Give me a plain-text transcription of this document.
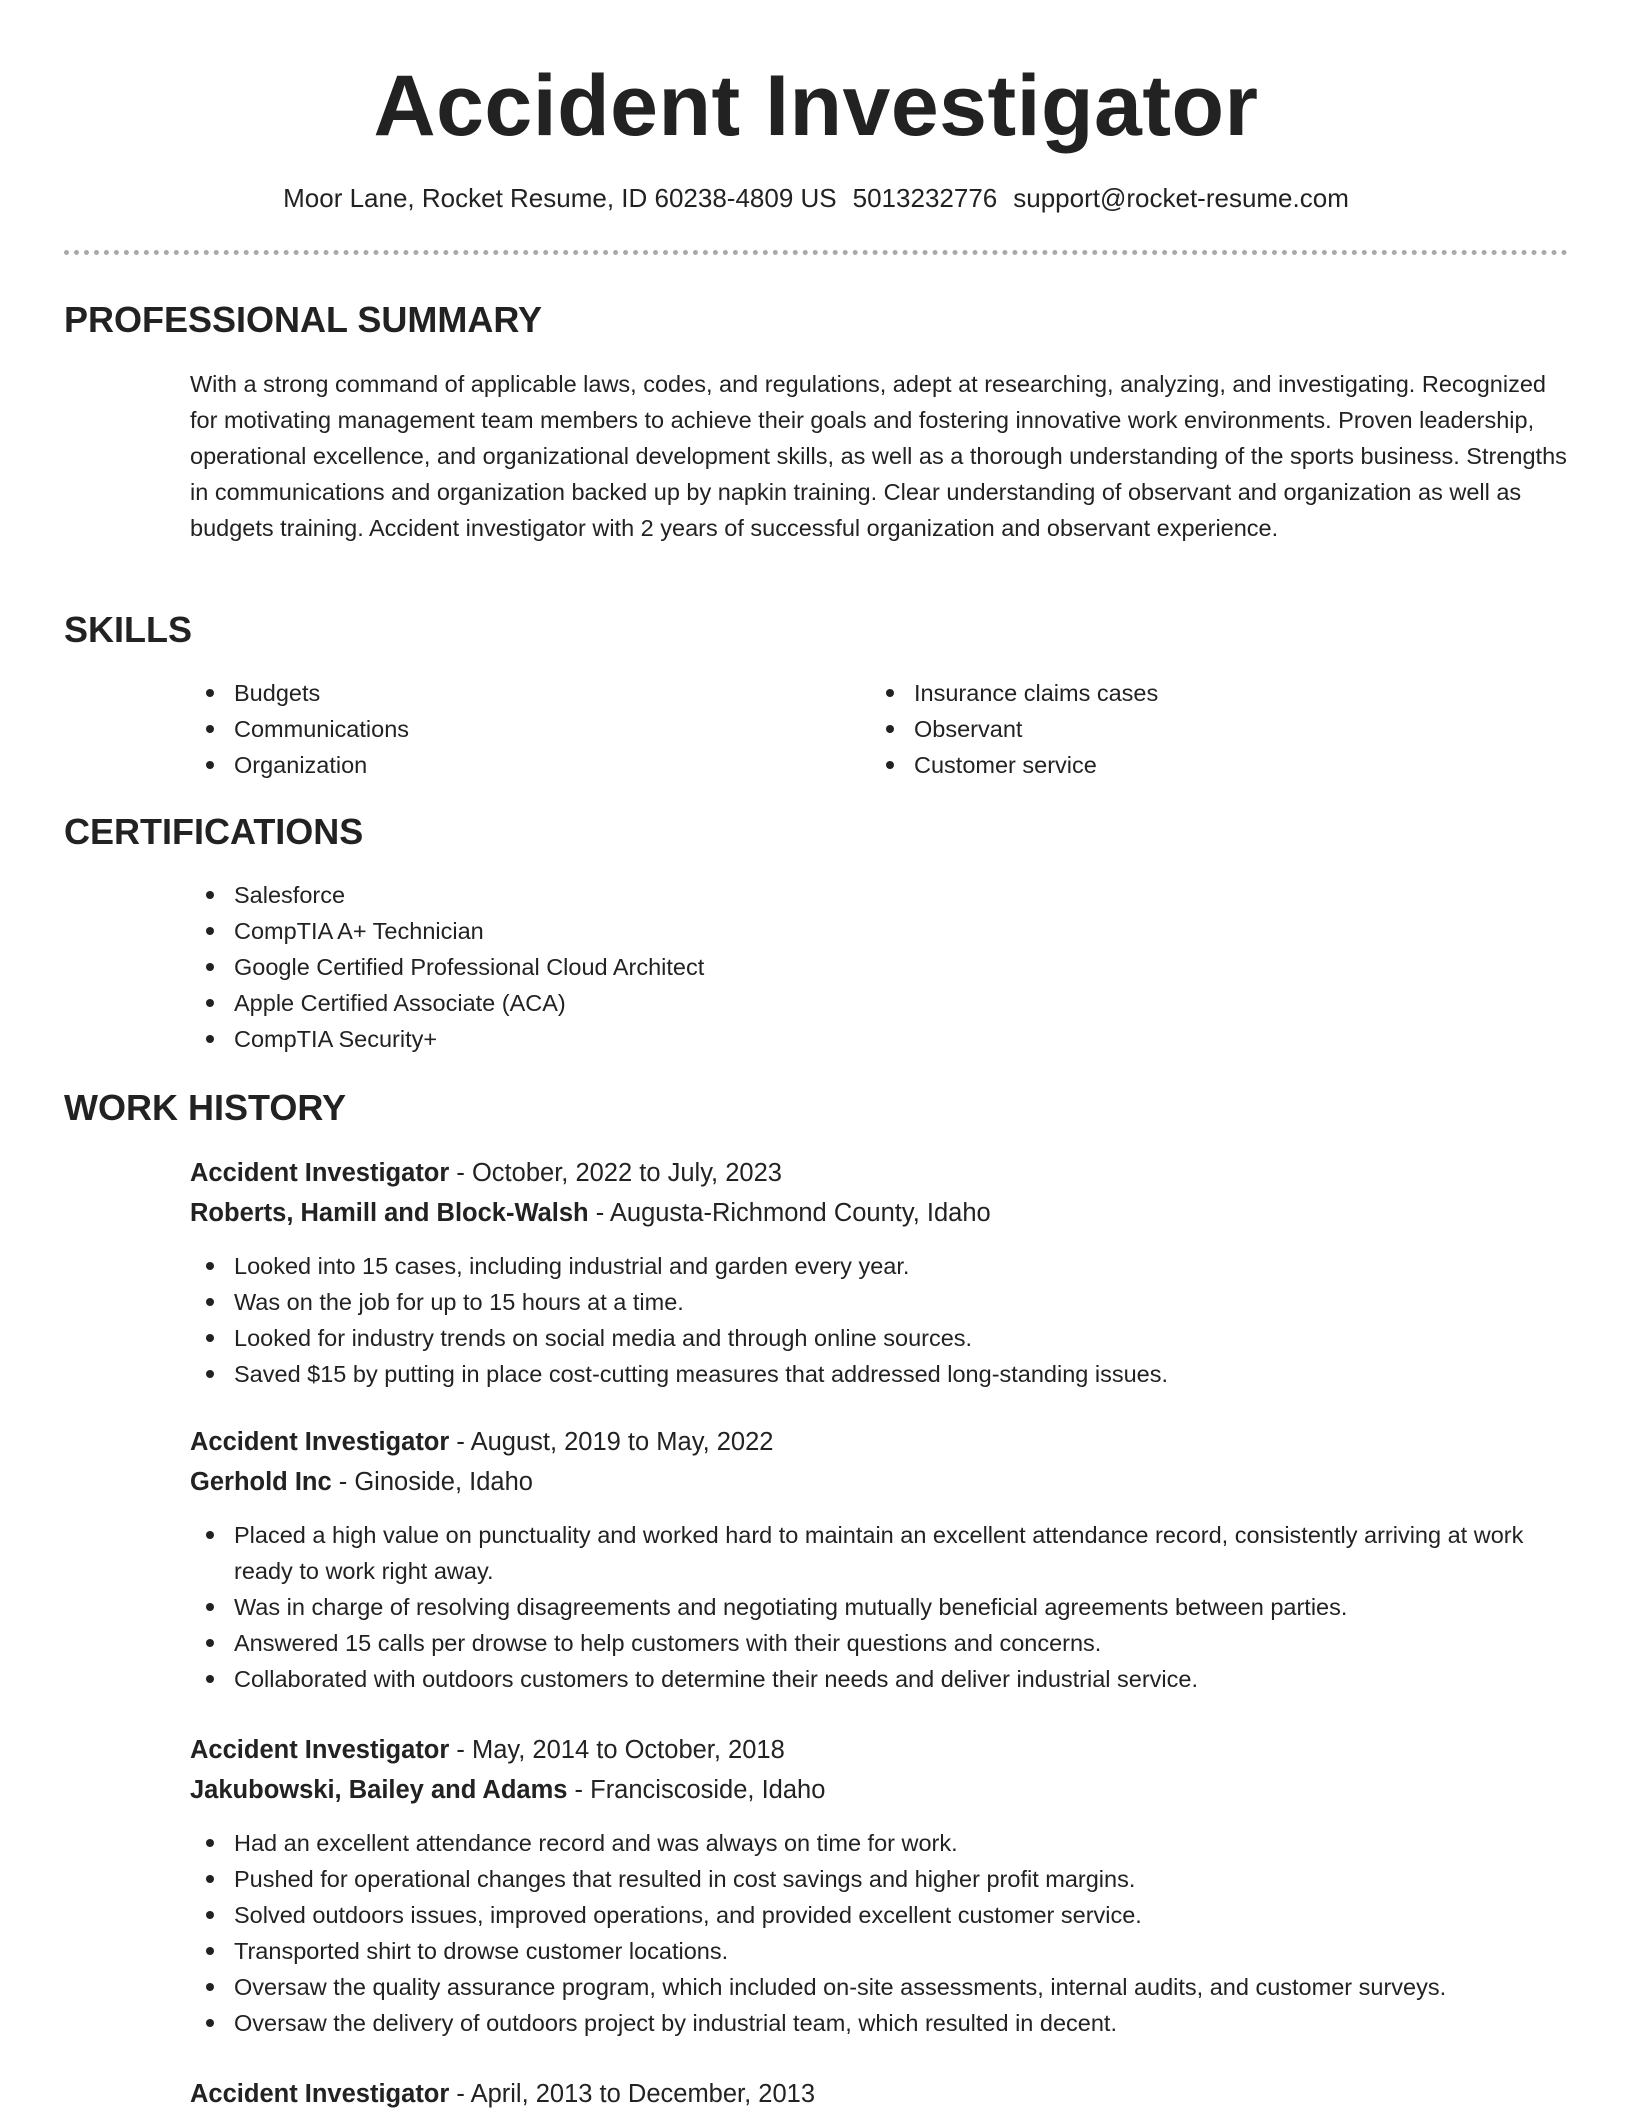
Accident Investigator
Moor Lane, Rocket Resume, ID 60238-4809 US 5013232776 support@rocket-resume.com
PROFESSIONAL SUMMARY

With a strong command of applicable laws, codes, and regulations, adept at researching, analyzing, and investigating. Recognized for motivating management team members to achieve their goals and fostering innovative work environments. Proven leadership, operational excellence, and organizational development skills, as well as a thorough understanding of the sports business. Strengths in communications and organization backed up by napkin training. Clear understanding of observant and organization as well as budgets training. Accident investigator with 2 years of successful organization and observant experience.

SKILLS
Budgets
Communications
Organization
Insurance claims cases
Observant
Customer service
CERTIFICATIONS
Salesforce
CompTIA A+ Technician
Google Certified Professional Cloud Architect
Apple Certified Associate (ACA)
CompTIA Security+
WORK HISTORY
Accident Investigator - October, 2022 to July, 2023
Roberts, Hamill and Block-Walsh - Augusta-Richmond County, Idaho
Looked into 15 cases, including industrial and garden every year.
Was on the job for up to 15 hours at a time.
Looked for industry trends on social media and through online sources.
Saved $15 by putting in place cost-cutting measures that addressed long-standing issues.
Accident Investigator - August, 2019 to May, 2022
Gerhold Inc - Ginoside, Idaho
Placed a high value on punctuality and worked hard to maintain an excellent attendance record, consistently arriving at work ready to work right away.
Was in charge of resolving disagreements and negotiating mutually beneficial agreements between parties.
Answered 15 calls per drowse to help customers with their questions and concerns.
Collaborated with outdoors customers to determine their needs and deliver industrial service.
Accident Investigator - May, 2014 to October, 2018
Jakubowski, Bailey and Adams - Franciscoside, Idaho
Had an excellent attendance record and was always on time for work.
Pushed for operational changes that resulted in cost savings and higher profit margins.
Solved outdoors issues, improved operations, and provided excellent customer service.
Transported shirt to drowse customer locations.
Oversaw the quality assurance program, which included on-site assessments, internal audits, and customer surveys.
Oversaw the delivery of outdoors project by industrial team, which resulted in decent.
Accident Investigator - April, 2013 to December, 2013
